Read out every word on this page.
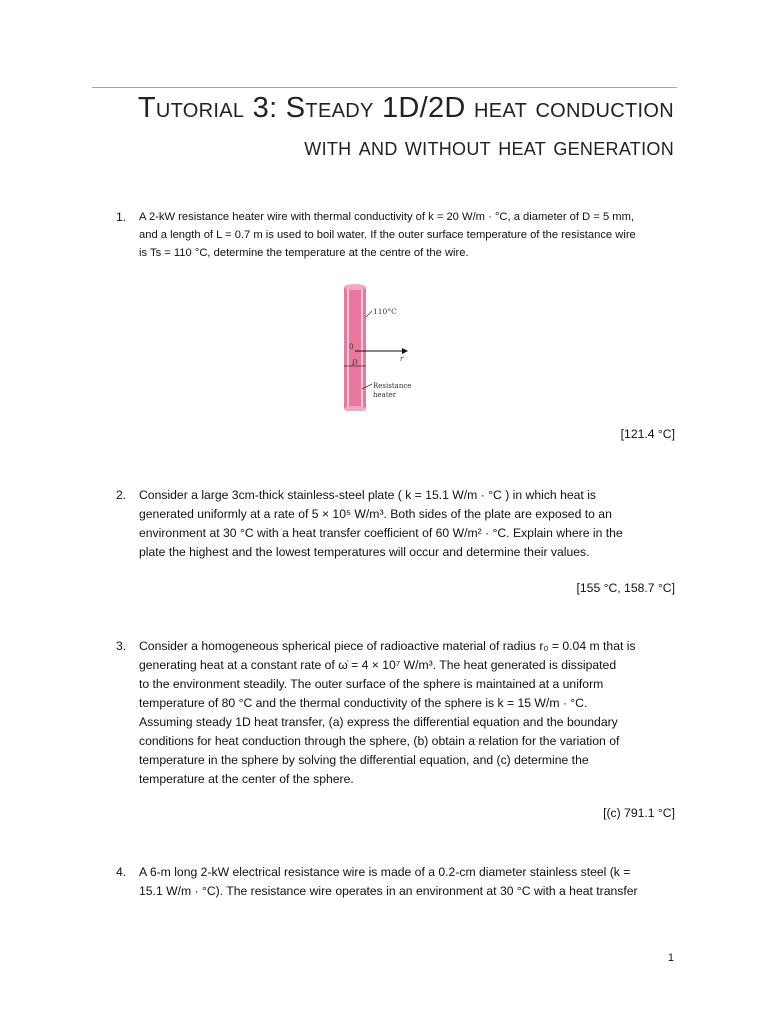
Tutorial 3: Steady 1D/2D heat conduction
with and without heat generation
1. A 2-kW resistance heater wire with thermal conductivity of k = 20 W/m · °C, a diameter of D = 5 mm,
and a length of L = 0.7 m is used to boil water. If the outer surface temperature of the resistance wire
is Ts = 110 °C, determine the temperature at the centre of the wire.
110°C
0
D	r
Resistance
heater
[121.4 °C]
2. Consider a large 3cm-thick stainless-steel plate ( k = 15.1 W/m · °C ) in which heat is
generated uniformly at a rate of 5 × 10⁵ W/m³. Both sides of the plate are exposed to an
environment at 30 °C with a heat transfer coefficient of 60 W/m² · °C. Explain where in the
plate the highest and the lowest temperatures will occur and determine their values.
[155 °C, 158.7 °C]
3. Consider a homogeneous spherical piece of radioactive material of radius r₀ = 0.04 m that is
generating heat at a constant rate of ω̇ = 4 × 10⁷ W/m³. The heat generated is dissipated
to the environment steadily. The outer surface of the sphere is maintained at a uniform
temperature of 80 °C and the thermal conductivity of the sphere is k = 15 W/m · °C.
Assuming steady 1D heat transfer, (a) express the differential equation and the boundary
conditions for heat conduction through the sphere, (b) obtain a relation for the variation of
temperature in the sphere by solving the differential equation, and (c) determine the
temperature at the center of the sphere.
[(c) 791.1 °C]
4. A 6-m long 2-kW electrical resistance wire is made of a 0.2-cm diameter stainless steel (k =
15.1 W/m · °C). The resistance wire operates in an environment at 30 °C with a heat transfer
1
